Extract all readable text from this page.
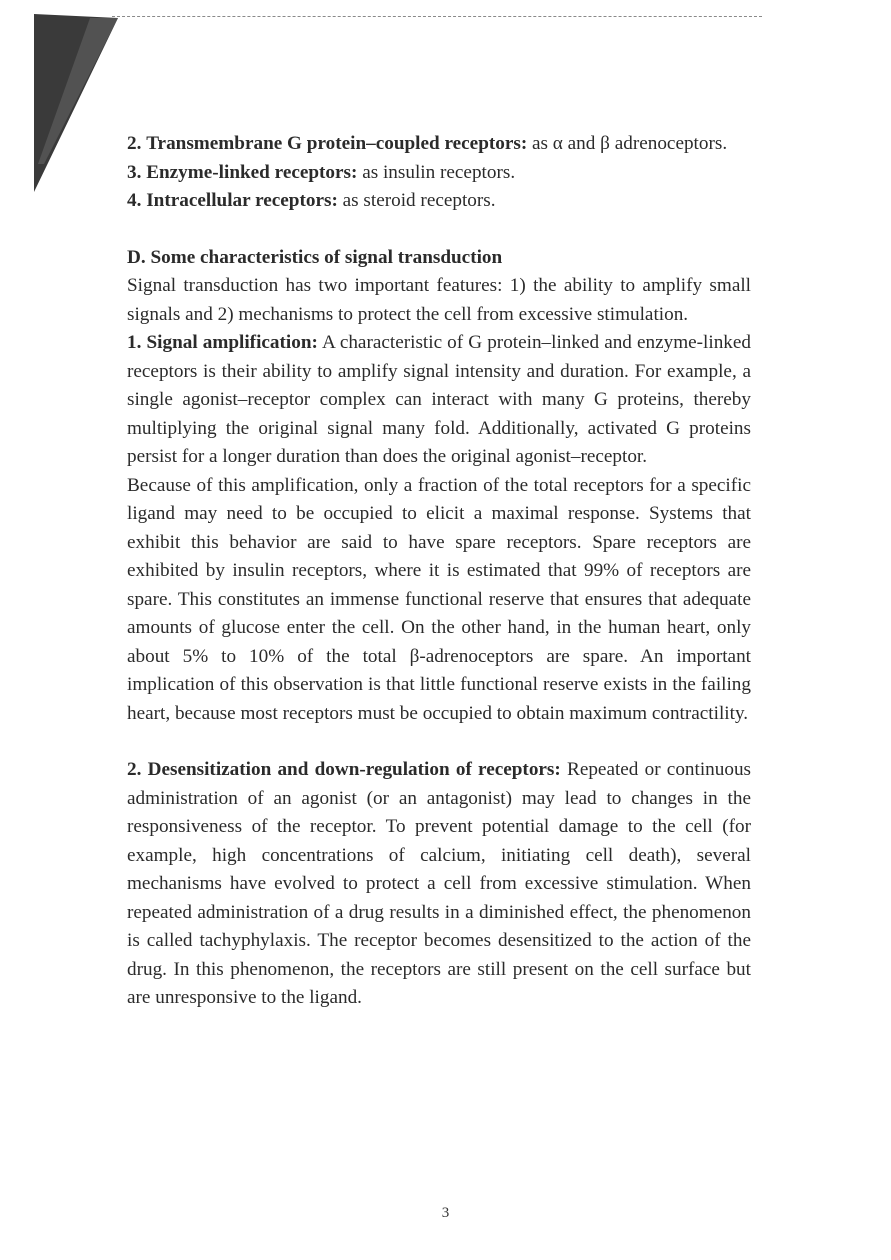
2. Transmembrane G protein–coupled receptors: as α and β adrenoceptors.

3. Enzyme-linked receptors: as insulin receptors.

4. Intracellular receptors: as steroid receptors.

D. Some characteristics of signal transduction

Signal transduction has two important features: 1) the ability to amplify small signals and 2) mechanisms to protect the cell from excessive stimulation.

1. Signal amplification: A characteristic of G protein–linked and enzyme-linked receptors is their ability to amplify signal intensity and duration. For example, a single agonist–receptor complex can interact with many G proteins, thereby multiplying the original signal many fold. Additionally, activated G proteins persist for a longer duration than does the original agonist–receptor.

Because of this amplification, only a fraction of the total receptors for a specific ligand may need to be occupied to elicit a maximal response. Systems that exhibit this behavior are said to have spare receptors. Spare receptors are exhibited by insulin receptors, where it is estimated that 99% of receptors are spare. This constitutes an immense functional reserve that ensures that adequate amounts of glucose enter the cell. On the other hand, in the human heart, only about 5% to 10% of the total β-adrenoceptors are spare. An important implication of this observation is that little functional reserve exists in the failing heart, because most receptors must be occupied to obtain maximum contractility.

2. Desensitization and down-regulation of receptors: Repeated or continuous administration of an agonist (or an antagonist) may lead to changes in the responsiveness of the receptor. To prevent potential damage to the cell (for example, high concentrations of calcium, initiating cell death), several mechanisms have evolved to protect a cell from excessive stimulation. When repeated administration of a drug results in a diminished effect, the phenomenon is called tachyphylaxis. The receptor becomes desensitized to the action of the drug. In this phenomenon, the receptors are still present on the cell surface but are unresponsive to the ligand.

3
